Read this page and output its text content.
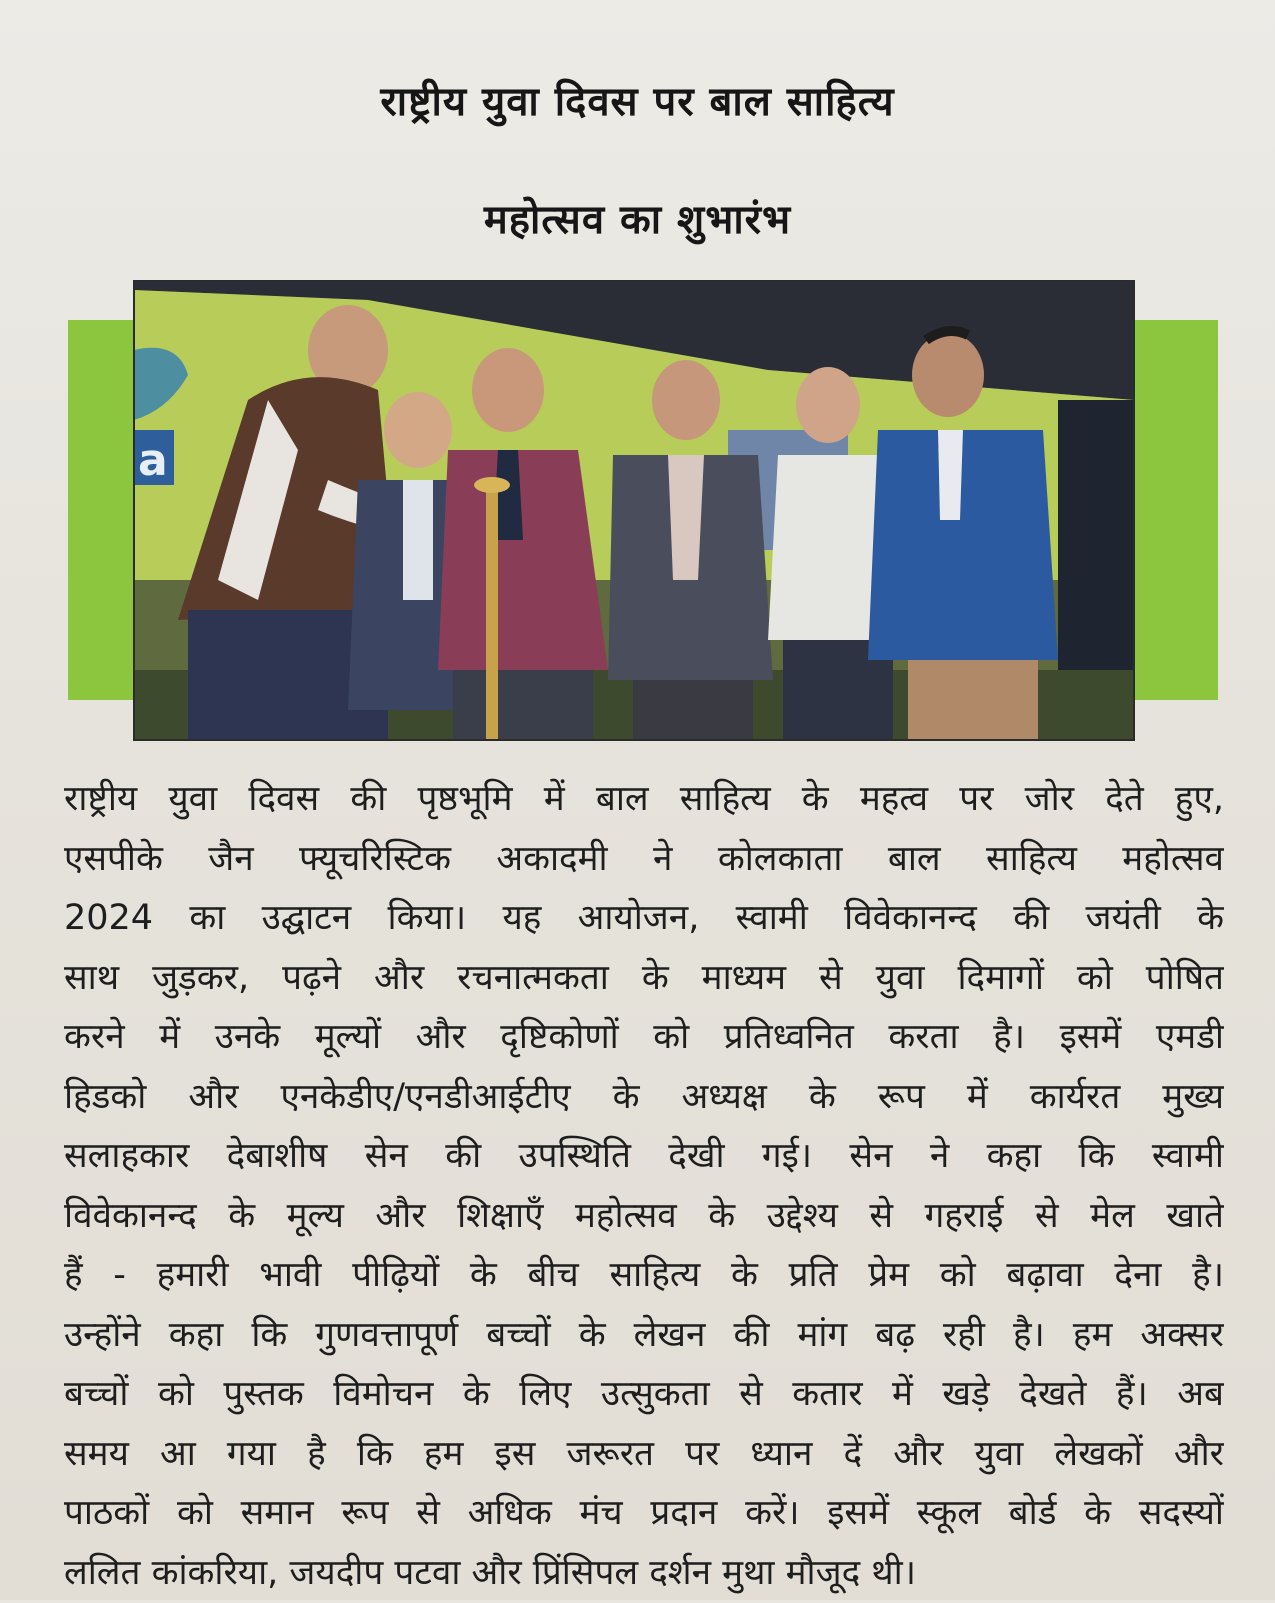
राष्ट्रीय युवा दिवस पर बाल साहित्य
महोत्सव का शुभारंभ
a
राष्ट्रीय युवा दिवस की पृष्ठभूमि में बाल साहित्य के महत्व पर जोर देते हुए,
एसपीके जैन फ्यूचरिस्टिक अकादमी ने कोलकाता बाल साहित्य महोत्सव
2024 का उद्घाटन किया। यह आयोजन, स्वामी विवेकानन्द की जयंती के
साथ जुड़कर, पढ़ने और रचनात्मकता के माध्यम से युवा दिमागों को पोषित
करने में उनके मूल्यों और दृष्टिकोणों को प्रतिध्वनित करता है। इसमें एमडी
हिडको और एनकेडीए/एनडीआईटीए के अध्यक्ष के रूप में कार्यरत मुख्य
सलाहकार देबाशीष सेन की उपस्थिति देखी गई। सेन ने कहा कि स्वामी
विवेकानन्द के मूल्य और शिक्षाएँ महोत्सव के उद्देश्य से गहराई से मेल खाते
हैं - हमारी भावी पीढ़ियों के बीच साहित्य के प्रति प्रेम को बढ़ावा देना है।
उन्होंने कहा कि गुणवत्तापूर्ण बच्चों के लेखन की मांग बढ़ रही है। हम अक्सर
बच्चों को पुस्तक विमोचन के लिए उत्सुकता से कतार में खड़े देखते हैं। अब
समय आ गया है कि हम इस जरूरत पर ध्यान दें और युवा लेखकों और
पाठकों को समान रूप से अधिक मंच प्रदान करें। इसमें स्कूल बोर्ड के सदस्यों
ललित कांकरिया, जयदीप पटवा और प्रिंसिपल दर्शन मुथा मौजूद थी।
